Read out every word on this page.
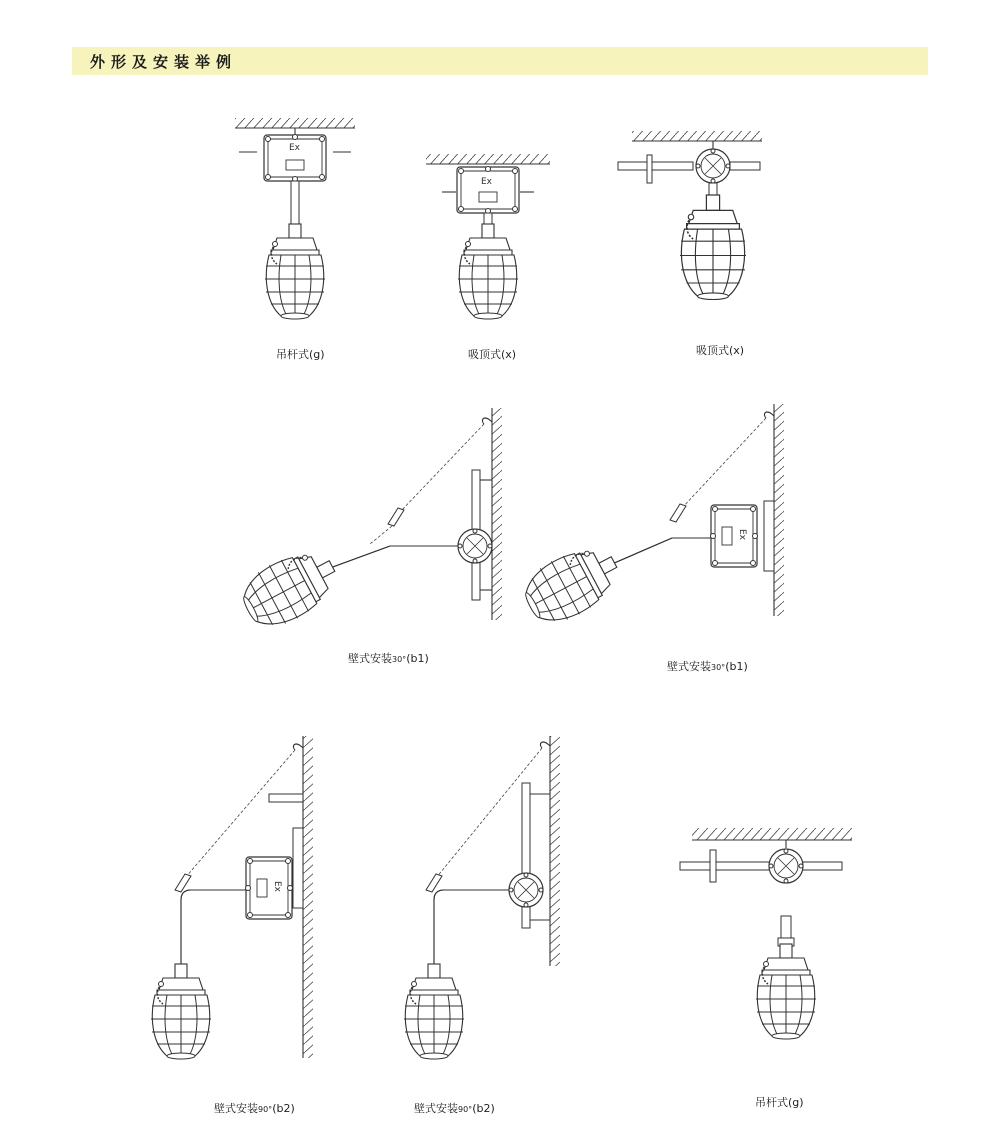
外形及安装举例
Ex
吊杆式(g)
Ex
吸顶式(x)	吸顶式(x)
壁式安装30°(b1)
Ex
壁式安装30°(b1)
Ex
壁式安装90°(b2)	壁式安装90°(b2)	吊杆式(g)
